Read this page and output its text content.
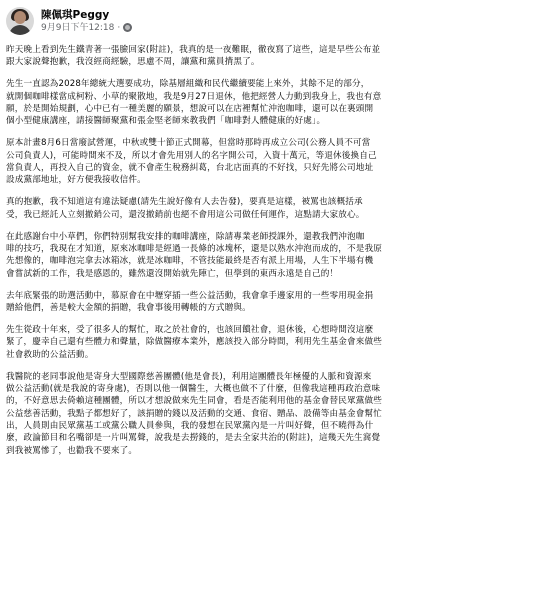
陳佩琪Peggy
9月9日下午12:18 ·

昨天晚上看到先生鐵青著一張臉回家(附註)，我真的是一夜難眠，徹夜寫了這些，這是早些公布並
跟大家說聲抱歉，我沒經商經驗，思慮不周，讓黨和黨員揹黑了。

先生一直認為2028年總統大選要成功，除基層組織和民代繼續要能上來外，其餘不足的部分，
就開個咖啡樣當成柯粉、小草的聚散地，我是9月27日退休，他把經營人力動到我身上，我也有意
願，於是開始規劃，心中已有一種美麗的願景，想說可以在店裡幫忙沖泡咖啡，還可以在裏頭開
個小型健康講座，請接醫師聚黨和張金堅老師來教我們「咖啡對人體健康的好處」。

原本計畫8月6日當廢試營運，中秋或雙十節正式開幕，但當時那時再成立公司(公務人員不可當
公司負責人)，可能時間來不及，所以才會先用別人的名字開公司，入資十萬元，等退休後換自己
當負責人，再投入自己的資金，就不會產生稅務糾葛，台北店面真的不好找，只好先將公司地址
設成黨部地址，好方便我接收信件。

真的抱歉，我不知道這有違法疑慮(請先生說好像有人去告發)，要真是這樣，被罵也該概括承
受，我已經託人立刻撤銷公司，還沒撤銷前也絕不會用這公司做任何運作，這點請大家放心。

在此感謝台中小草們，你們特別幫我安排的咖啡講座，除請專業老師授課外，還教我們沖泡咖
啡的技巧，我現在才知道，原來冰咖啡是經過一長條的冰塊杯，還是以熟水沖泡而成的，不是我原
先想像的，咖啡泡完拿去冰箱冰，就是冰咖啡，不管技能最終是否有派上用場，人生下半場有機
會嘗試新的工作，我是感恩的，雖然還沒開始就先陣亡，但學到的東西永遠是自己的！

去年底緊張的助選活動中，慕原會在中壢穿插一些公益活動，我會拿手邊家用的一些零用現金捐
贈給他們，善是較大金額的捐贈，我會事後用轉帳的方式贈與。

先生從政十年來，受了很多人的幫忙，取之於社會的，也該回饋社會，退休後，心想時間沒這麼
緊了，慶幸自己還有些體力和聲量，除做醫療本業外，應該投入部分時間，利用先生基金會來做些
社會救助的公益活動。

我醫院的老同事說他是寄身大型國際慈善團體(他是會長)，利用這團體長年極優的人脈和資源來
做公益活動(就是我說的寄身處)，否則以他一個醫生，大概也做不了什麼，但像我這種再政治意味
的，不好意思去倚賴這種團體，所以才想說做來先生同會，看是否能利用他的基金會替民眾黨做些
公益慈善活動，我點子都想好了，該捐贈的錢以及活動的交通、食宿、贈品、設備等由基金會幫忙
出，人員則由民眾黨基工或黨公職人員參與，我的發想在民眾黨內是一片叫好聲，但不曉得為什
麼，政論節目和名嘴卻是一片叫罵聲，說我是去撈錢的，是去全家共治的(附註)，這幾天先生窩覺
到我被罵慘了，也勸我不要來了。
